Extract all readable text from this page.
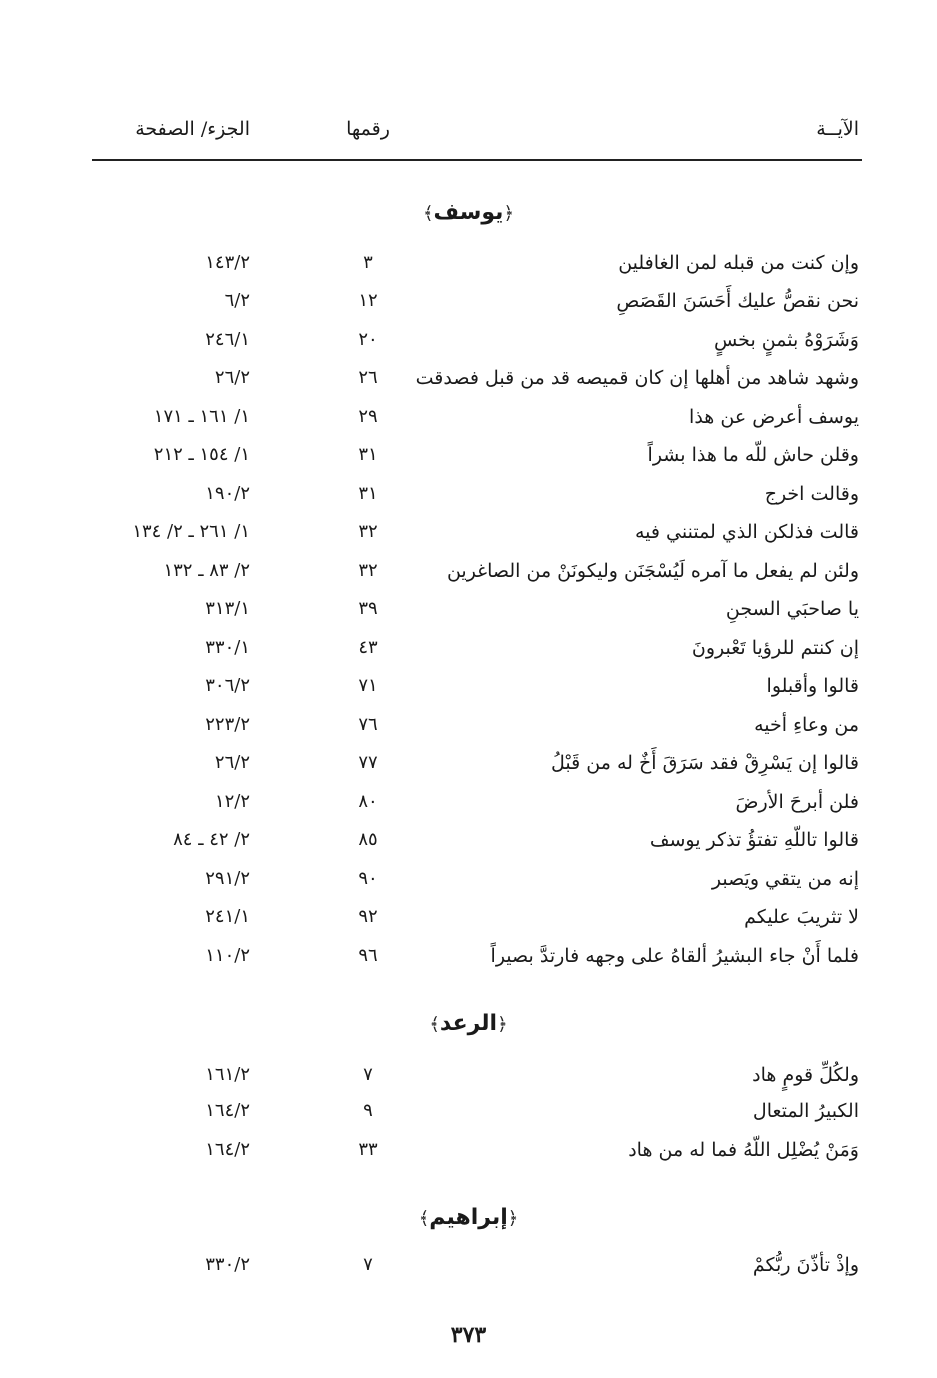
الآيــة
رقمها
الجزء/ الصفحة
﴿يوسف﴾
وإن كنت من قبله لمن الغافلين
٣
١٤٣/٢
نحن نقصُّ عليك أَحَسَنَ القَصَصِ
١٢
٦/٢
وَشَرَوْهُ بثمنٍ بخسٍ
٢٠
٢٤٦/١
وشهد شاهد من أهلها إن كان قميصه قد من قبل فصدقت
٢٦
٢٦/٢
يوسف أعرض عن هذا
٢٩
١/ ١٦١ ـ ١٧١
وقلن حاش للّه ما هذا بشراً
٣١
١/ ١٥٤ ـ ٢١٢
وقالت اخرج
٣١
١٩٠/٢
قالت فذلكن الذي لمتنني فيه
٣٢
١/ ٢٦١ ـ ٢/ ١٣٤
ولئن لم يفعل ما آمره لَيُسْجَنَن وليكونَنْ من الصاغرين
٣٢
٢/ ٨٣ ـ ١٣٢
يا صاحبَي السجنِ
٣٩
٣١٣/١
إن كنتم للرؤيا تَعْبرونَ
٤٣
٣٣٠/١
قالوا وأقبلوا
٧١
٣٠٦/٢
من وعاءِ أخيه
٧٦
٢٢٣/٢
قالوا إن يَسْرِقْ فقد سَرَقَ أَخٌ له من قَبْلُ
٧٧
٢٦/٢
فلن أبرحَ الأرضَ
٨٠
١٢/٢
قالوا تاللّهِ تفتؤُ تذكر يوسف
٨٥
٢/ ٤٢ ـ ٨٤
إنه من يتقي ويَصبر
٩٠
٢٩١/٢
لا تثريبَ عليكم
٩٢
٢٤١/١
فلما أَنْ جاء البشيرُ ألقاهُ على وجهه فارتدَّ بصيراً
٩٦
١١٠/٢
﴿الرعد﴾
ولكُلِّ قومٍ هاد
٧
١٦١/٢
الكبيرُ المتعال
٩
١٦٤/٢
وَمَنْ يُضْلِل اللّهُ فما له من هاد
٣٣
١٦٤/٢
﴿إبراهيم﴾
وإذْ تأذّنَ ربُّكمْ
٧
٣٣٠/٢
٣٧٣
